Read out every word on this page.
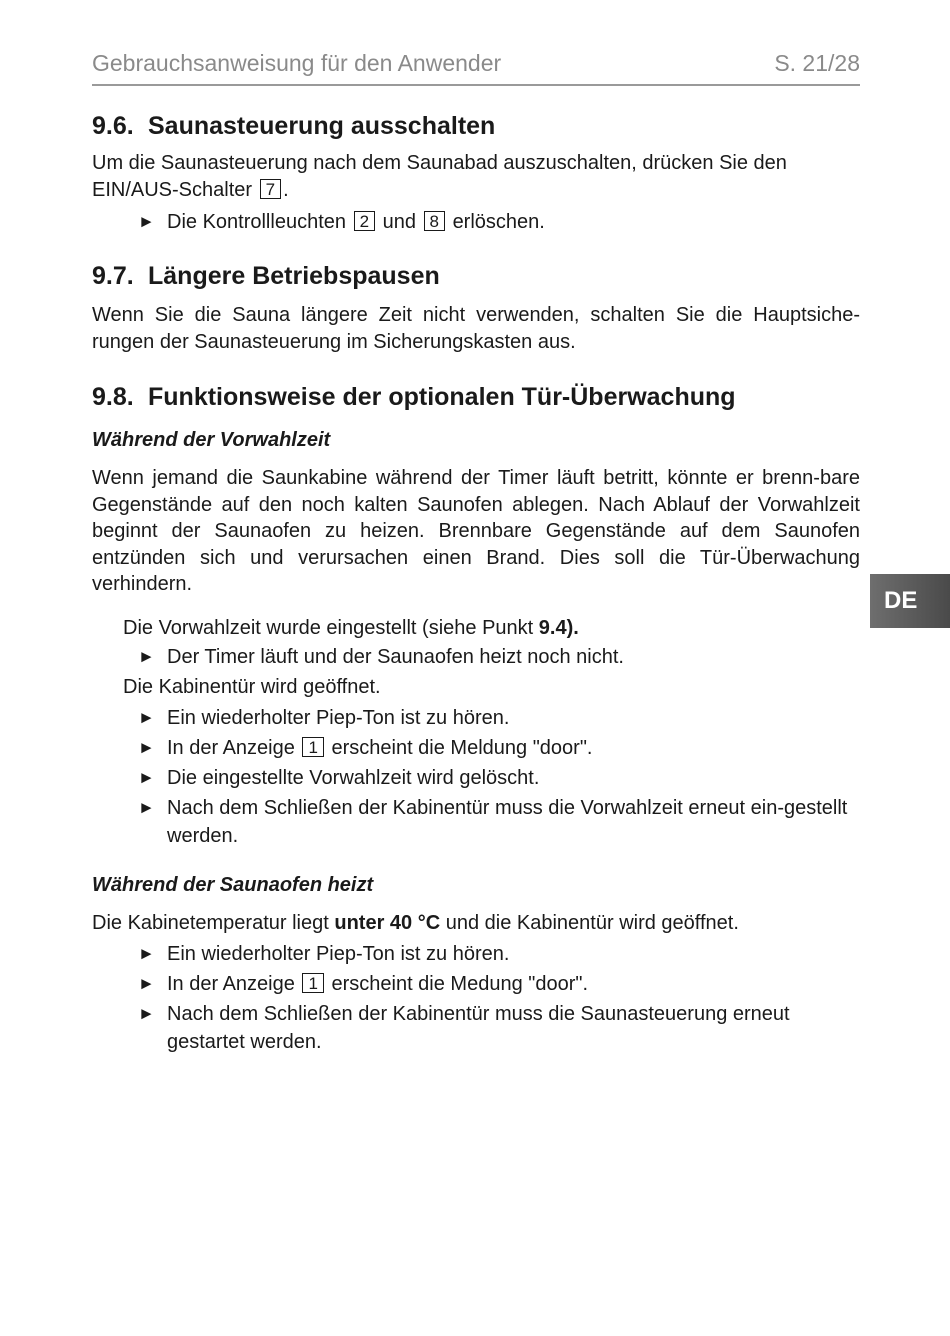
Gebrauchsanweisung für den Anwender	S. 21/28
DE
9.6. Saunasteuerung ausschalten

Um die Saunasteuerung nach dem Saunabad auszuschalten, drücken Sie den
EIN/AUS-Schalter 7 .

► Die Kontrollleuchten 2 und 8 erlöschen.
9.7. Längere Betriebspausen

Wenn Sie die Sauna längere Zeit nicht verwenden, schalten Sie die Hauptsiche-rungen der Saunasteuerung im Sicherungskasten aus.

9.8. Funktionsweise der optionalen Tür-Überwachung

Während der Vorwahlzeit

Wenn jemand die Saunkabine während der Timer läuft betritt, könnte er brenn-bare Gegenstände auf den noch kalten Saunofen ablegen. Nach Ablauf der Vorwahlzeit beginnt der Saunaofen zu heizen. Brennbare Gegenstände auf dem Saunofen entzünden sich und verursachen einen Brand. Dies soll die Tür-Überwachung verhindern.

Die Vorwahlzeit wurde eingestellt (siehe Punkt 9.4).
► Der Timer läuft und der Saunaofen heizt noch nicht.
Die Kabinentür wird geöffnet.
► Ein wiederholter Piep-Ton ist zu hören.
► In der Anzeige 1 erscheint die Meldung "door".
► Die eingestellte Vorwahlzeit wird gelöscht.
► Nach dem Schließen der Kabinentür muss die Vorwahlzeit erneut ein-gestellt werden.

Während der Saunaofen heizt

Die Kabinetemperatur liegt unter 40 °C und die Kabinentür wird geöffnet.

► Ein wiederholter Piep-Ton ist zu hören.
► In der Anzeige 1 erscheint die Medung "door".
► Nach dem Schließen der Kabinentür muss die Saunasteuerung erneut gestartet werden.
